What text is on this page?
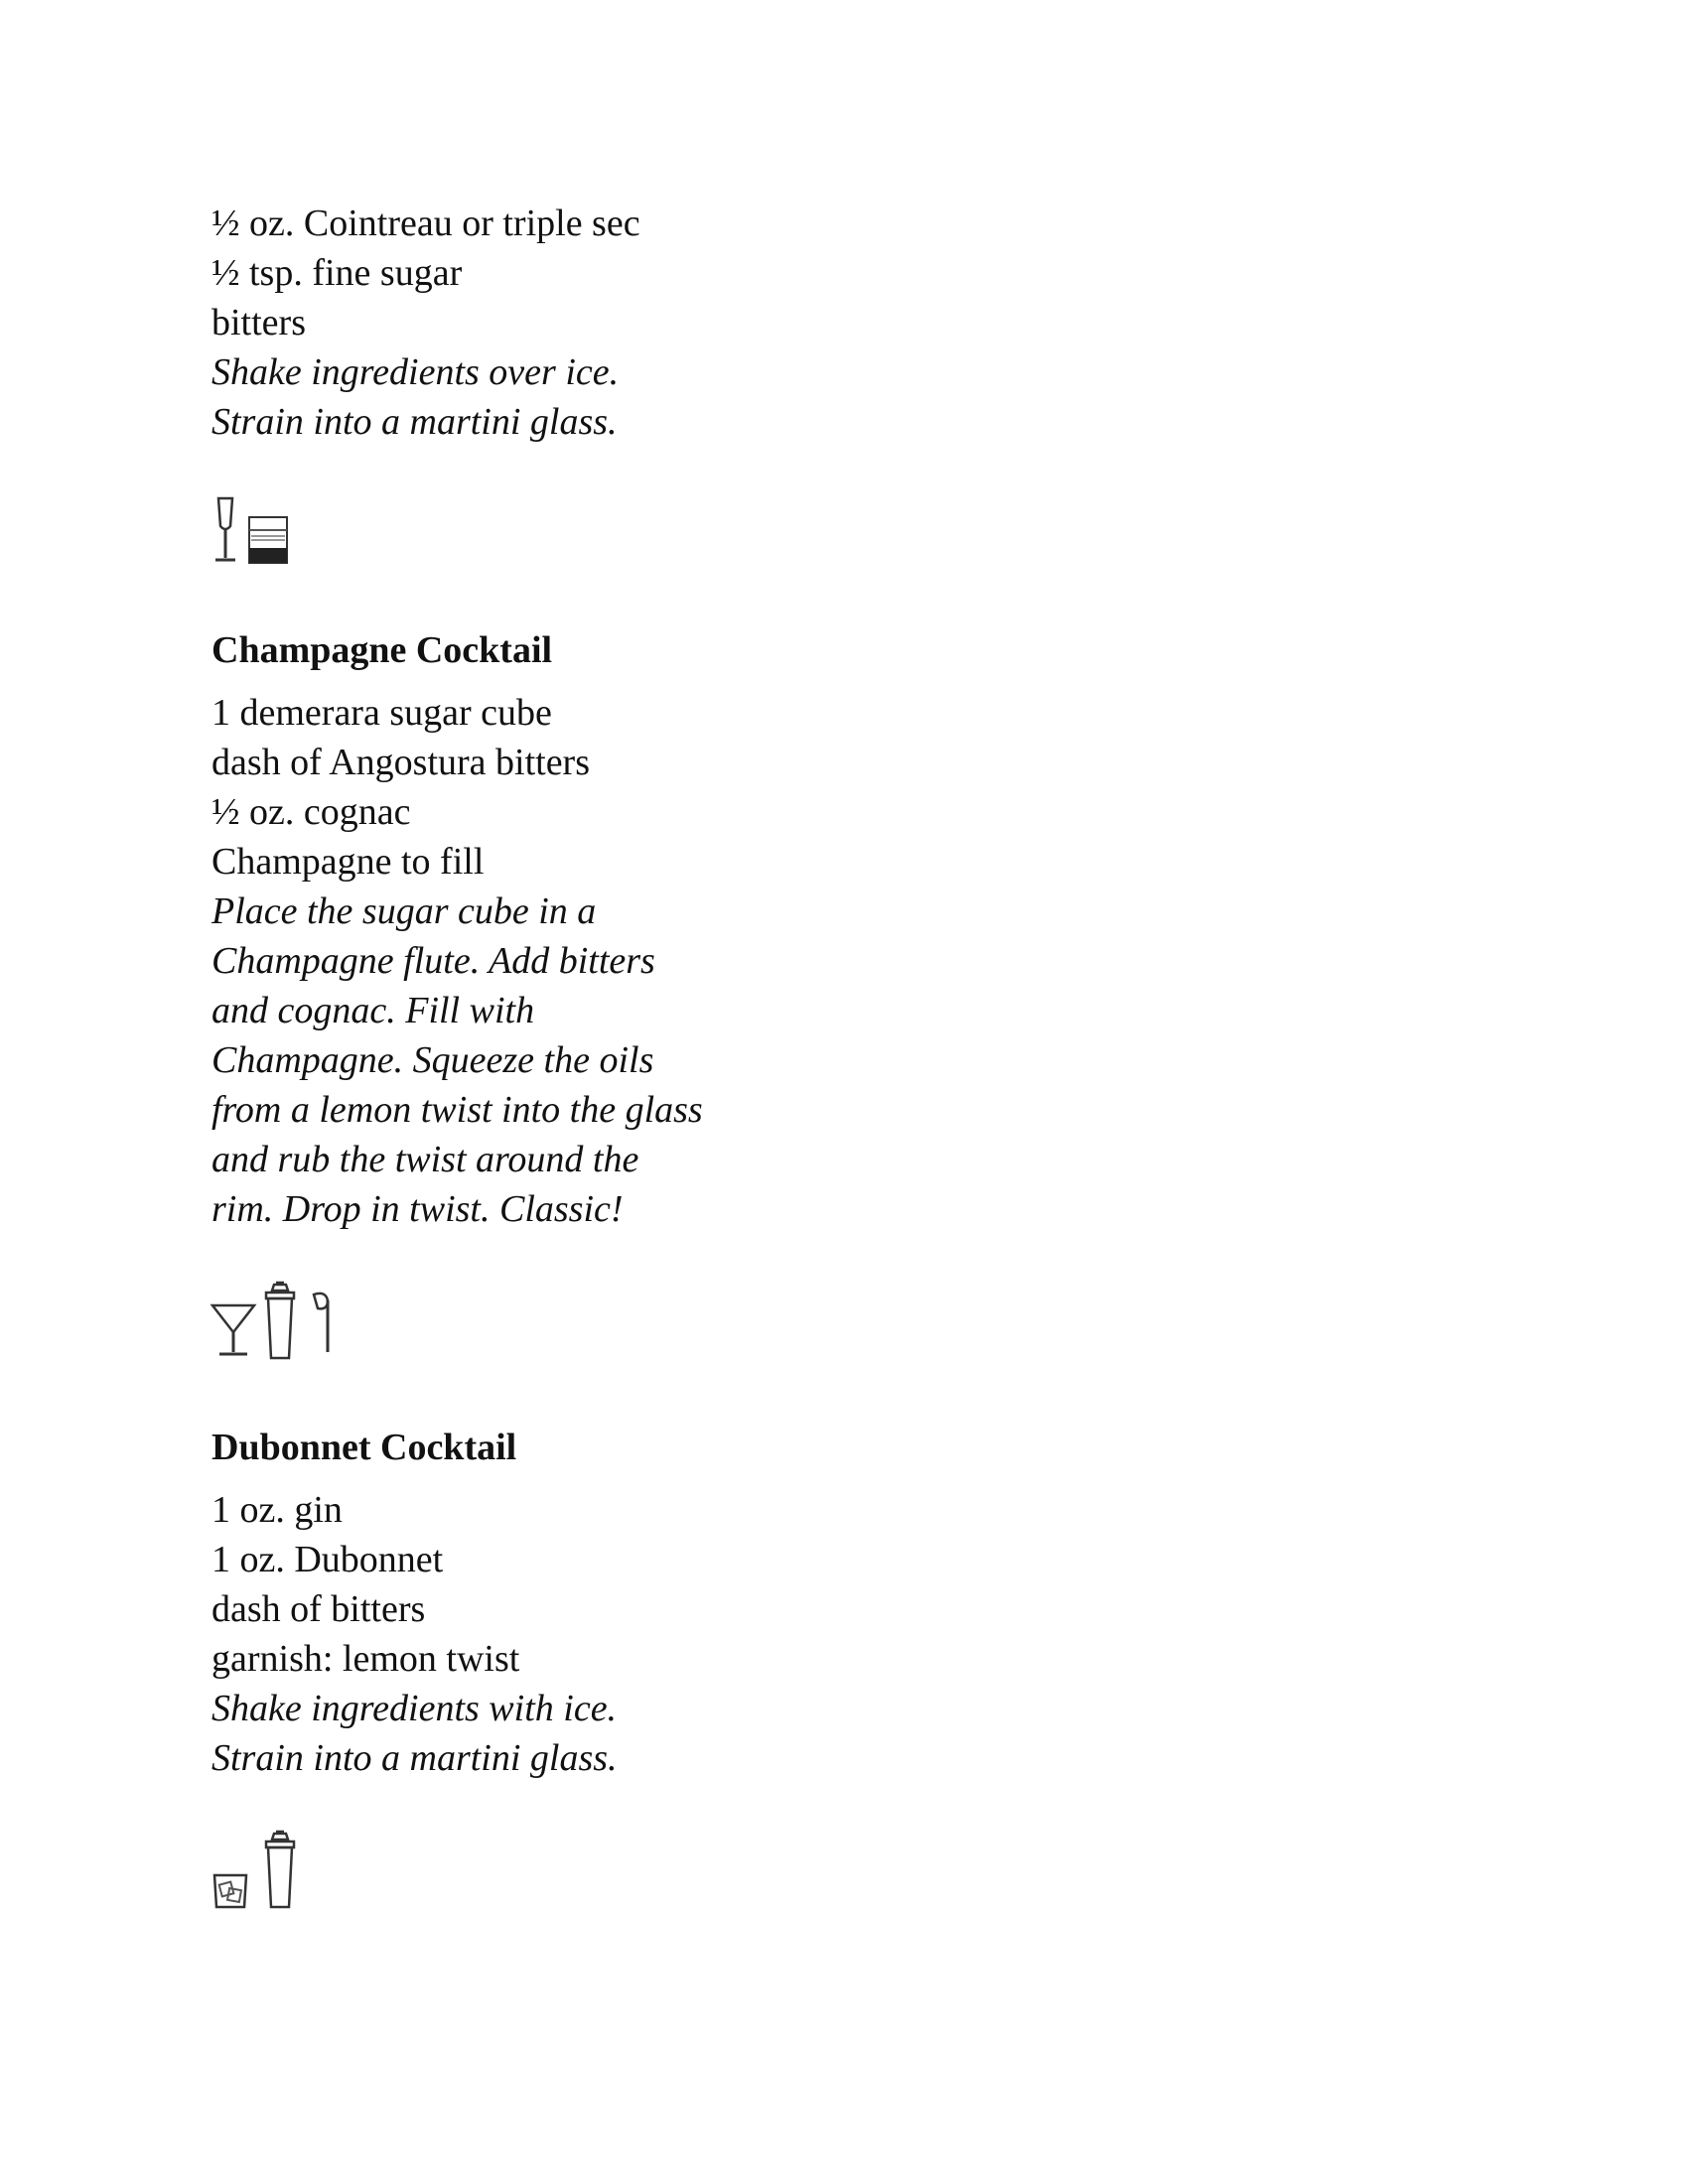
½ oz. Cointreau or triple sec
½ tsp. fine sugar
bitters
Shake ingredients over ice.
Strain into a martini glass.
Champagne Cocktail
1 demerara sugar cube
dash of Angostura bitters
½ oz. cognac
Champagne to fill
Place the sugar cube in a
Champagne flute. Add bitters
and cognac. Fill with
Champagne. Squeeze the oils
from a lemon twist into the glass
and rub the twist around the
rim. Drop in twist. Classic!
Dubonnet Cocktail
1 oz. gin
1 oz. Dubonnet
dash of bitters
garnish: lemon twist
Shake ingredients with ice.
Strain into a martini glass.
